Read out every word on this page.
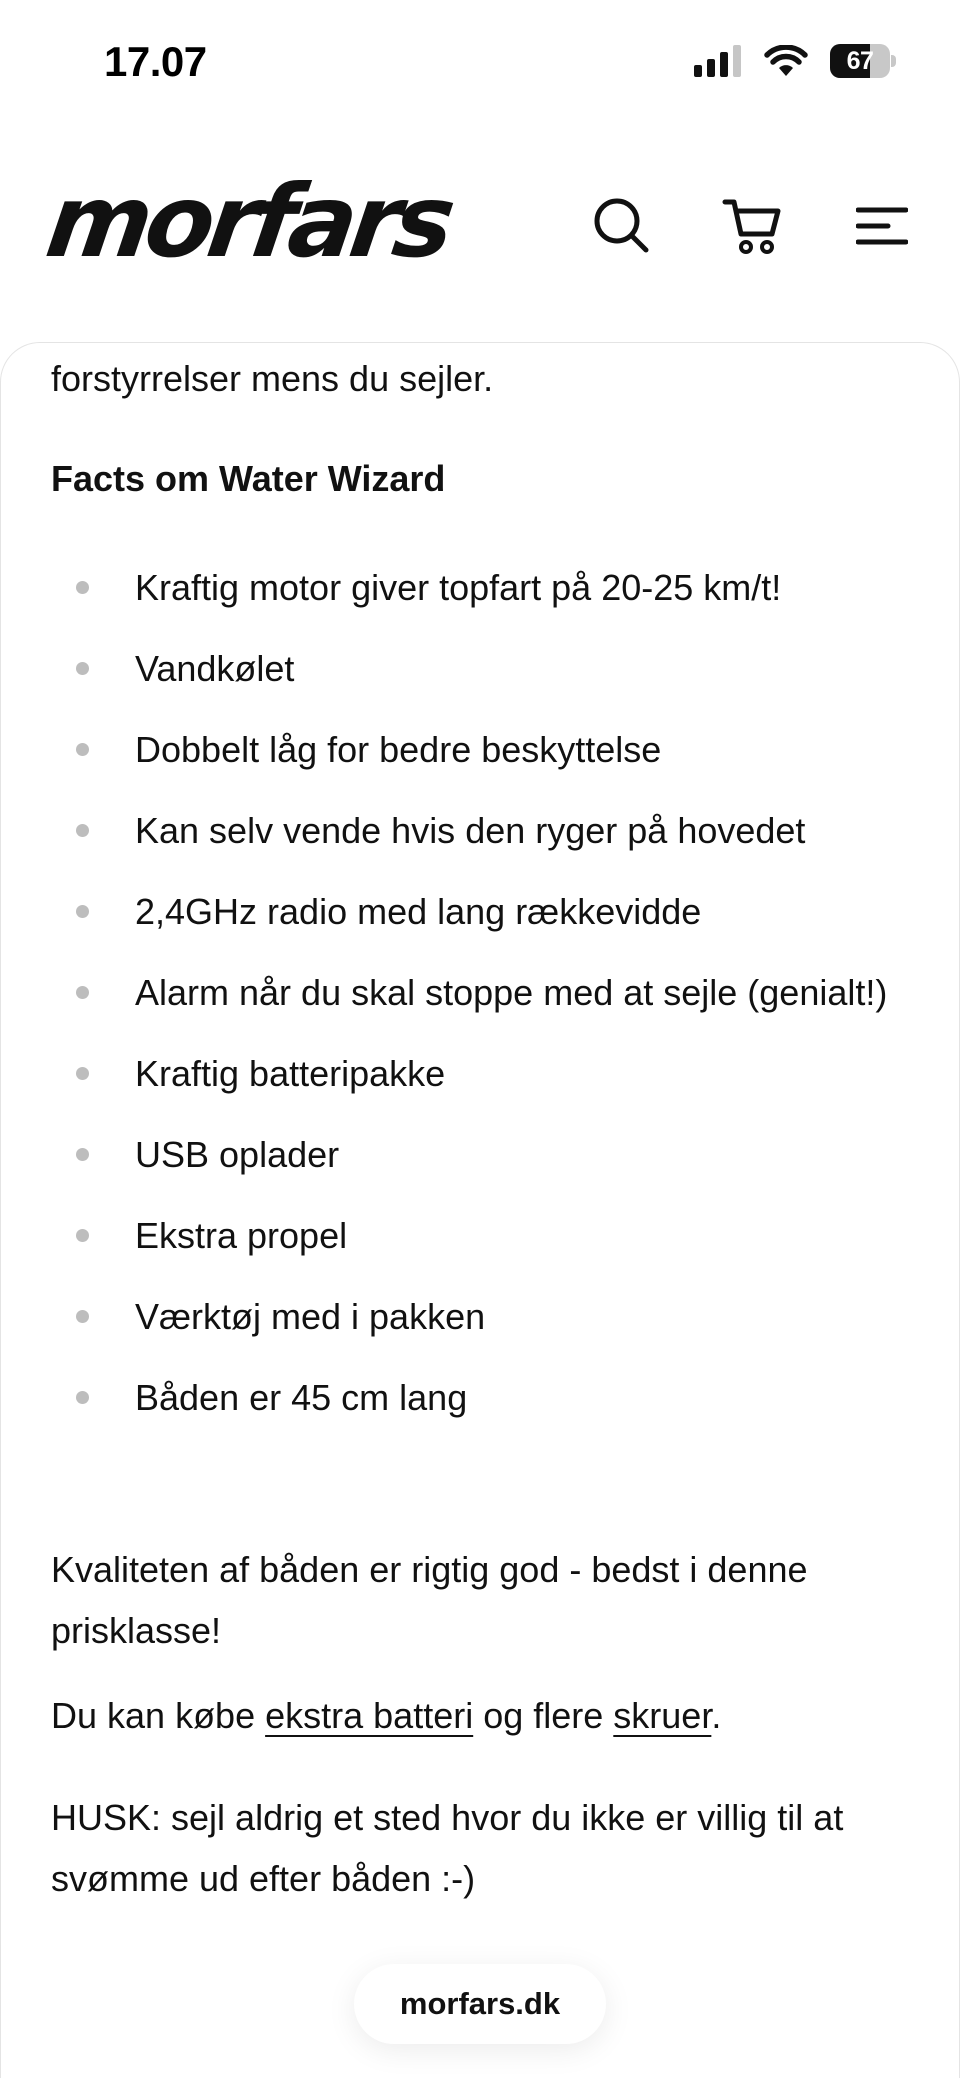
17.07	67
morfars
forstyrrelser mens du sejler.
Facts om Water Wizard
Kraftig motor giver topfart på 20-25 km/t!
Vandkølet
Dobbelt låg for bedre beskyttelse
Kan selv vende hvis den ryger på hovedet
2,4GHz radio med lang rækkevidde
Alarm når du skal stoppe med at sejle (genialt!)
Kraftig batteripakke
USB oplader
Ekstra propel
Værktøj med i pakken
Båden er 45 cm lang
Kvaliteten af båden er rigtig god - bedst i denne prisklasse!
Du kan købe ekstra batteri og flere skruer.
HUSK: sejl aldrig et sted hvor du ikke er villig til at svømme ud efter båden :-)
morfars.dk
